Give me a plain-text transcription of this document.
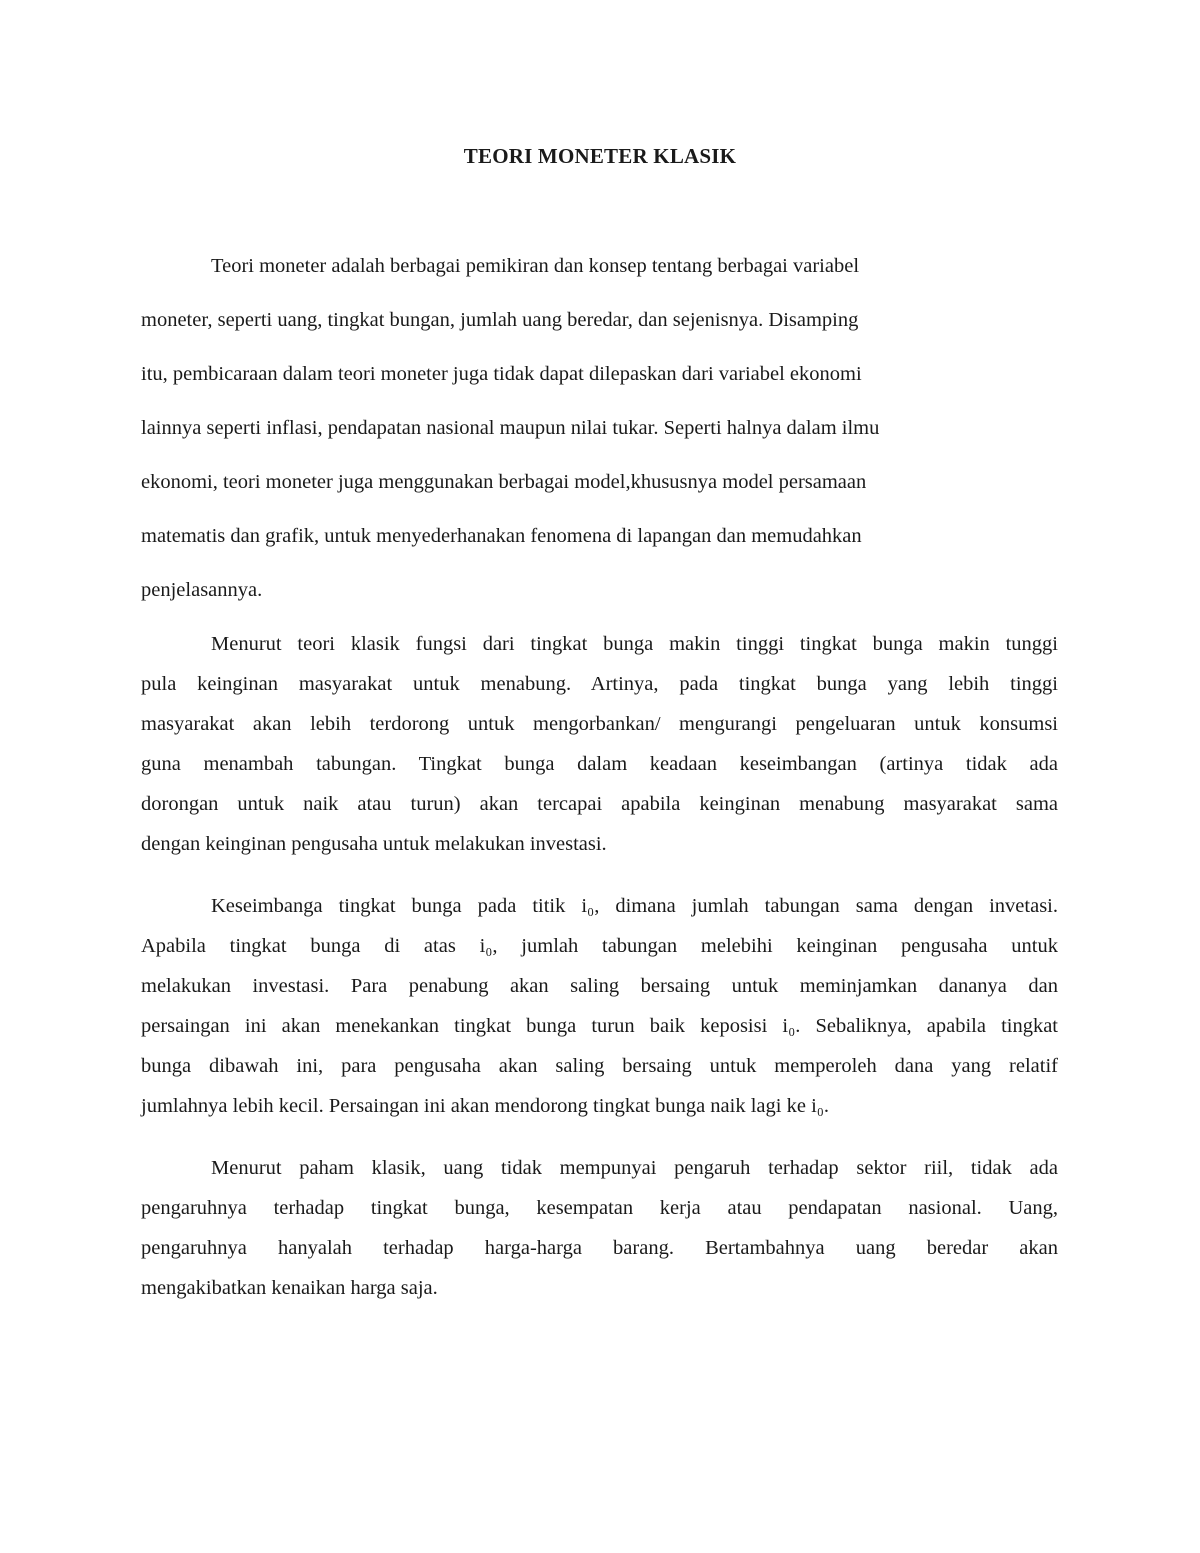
TEORI MONETER KLASIK
Teori moneter adalah berbagai pemikiran dan konsep tentang berbagai variabel
moneter, seperti uang, tingkat bungan, jumlah uang beredar, dan sejenisnya. Disamping
itu, pembicaraan dalam teori moneter juga tidak dapat dilepaskan dari variabel ekonomi
lainnya seperti inflasi, pendapatan nasional maupun nilai tukar. Seperti halnya dalam ilmu
ekonomi, teori moneter juga menggunakan berbagai model,khususnya model persamaan
matematis dan grafik, untuk menyederhanakan fenomena di lapangan dan memudahkan
penjelasannya.
Menurut teori klasik fungsi dari tingkat bunga makin tinggi tingkat bunga makin tunggi
pula keinginan masyarakat untuk menabung. Artinya, pada tingkat bunga yang lebih tinggi
masyarakat akan lebih terdorong untuk mengorbankan/ mengurangi pengeluaran untuk konsumsi
guna menambah tabungan. Tingkat bunga dalam keadaan keseimbangan (artinya tidak ada
dorongan untuk naik atau turun) akan tercapai apabila keinginan menabung masyarakat sama
dengan keinginan pengusaha untuk melakukan investasi.
Keseimbanga tingkat bunga pada titik i₀, dimana jumlah tabungan sama dengan invetasi.
Apabila tingkat bunga di atas i₀, jumlah tabungan melebihi keinginan pengusaha untuk
melakukan investasi. Para penabung akan saling bersaing untuk meminjamkan dananya dan
persaingan ini akan menekankan tingkat bunga turun baik keposisi i₀. Sebaliknya, apabila tingkat
bunga dibawah ini, para pengusaha akan saling bersaing untuk memperoleh dana yang relatif
jumlahnya lebih kecil. Persaingan ini akan mendorong tingkat bunga naik lagi ke i₀.
Menurut paham klasik, uang tidak mempunyai pengaruh terhadap sektor riil, tidak ada
pengaruhnya terhadap tingkat bunga, kesempatan kerja atau pendapatan nasional. Uang,
pengaruhnya hanyalah terhadap harga-harga barang. Bertambahnya uang beredar akan
mengakibatkan kenaikan harga saja.
